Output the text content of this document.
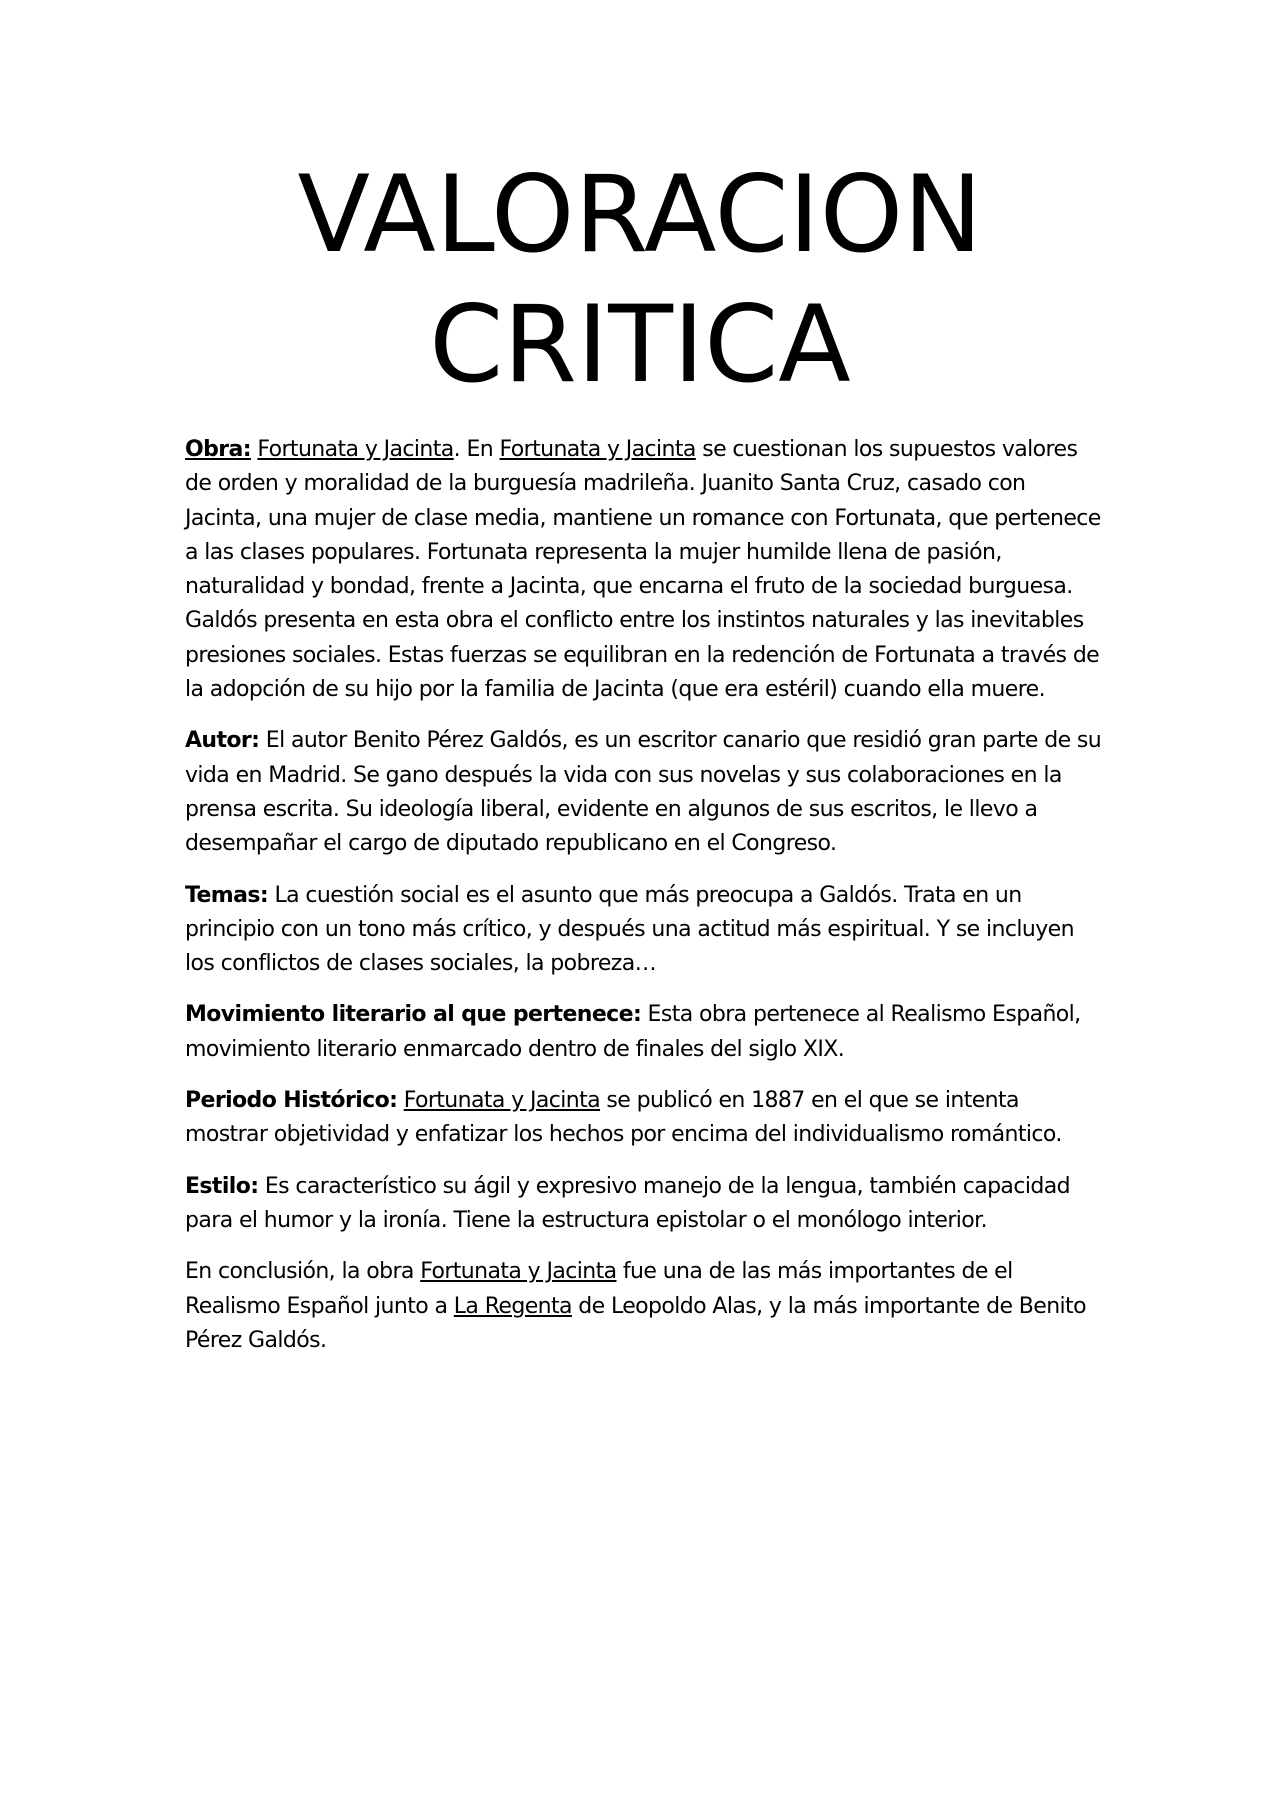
VALORACION
CRITICA

Obra: Fortunata y Jacinta. En Fortunata y Jacinta se cuestionan los supuestos valores de orden y moralidad de la burguesía madrileña. Juanito Santa Cruz, casado con Jacinta, una mujer de clase media, mantiene un romance con Fortunata, que pertenece a las clases populares. Fortunata representa la mujer humilde llena de pasión, naturalidad y bondad, frente a Jacinta, que encarna el fruto de la sociedad burguesa. Galdós presenta en esta obra el conflicto entre los instintos naturales y las inevitables presiones sociales. Estas fuerzas se equilibran en la redención de Fortunata a través de la adopción de su hijo por la familia de Jacinta (que era estéril) cuando ella muere.

Autor: El autor Benito Pérez Galdós, es un escritor canario que residió gran parte de su vida en Madrid. Se gano después la vida con sus novelas y sus colaboraciones en la prensa escrita. Su ideología liberal, evidente en algunos de sus escritos, le llevo a desempañar el cargo de diputado republicano en el Congreso.

Temas: La cuestión social es el asunto que más preocupa a Galdós. Trata en un principio con un tono más crítico, y después una actitud más espiritual. Y se incluyen los conflictos de clases sociales, la pobreza…

Movimiento literario al que pertenece: Esta obra pertenece al Realismo Español, movimiento literario enmarcado dentro de finales del siglo XIX.

Periodo Histórico: Fortunata y Jacinta se publicó en 1887 en el que se intenta mostrar objetividad y enfatizar los hechos por encima del individualismo romántico.

Estilo: Es característico su ágil y expresivo manejo de la lengua, también capacidad para el humor y la ironía. Tiene la estructura epistolar o el monólogo interior.

En conclusión, la obra Fortunata y Jacinta fue una de las más importantes de el Realismo Español junto a La Regenta de Leopoldo Alas, y la más importante de Benito Pérez Galdós.
